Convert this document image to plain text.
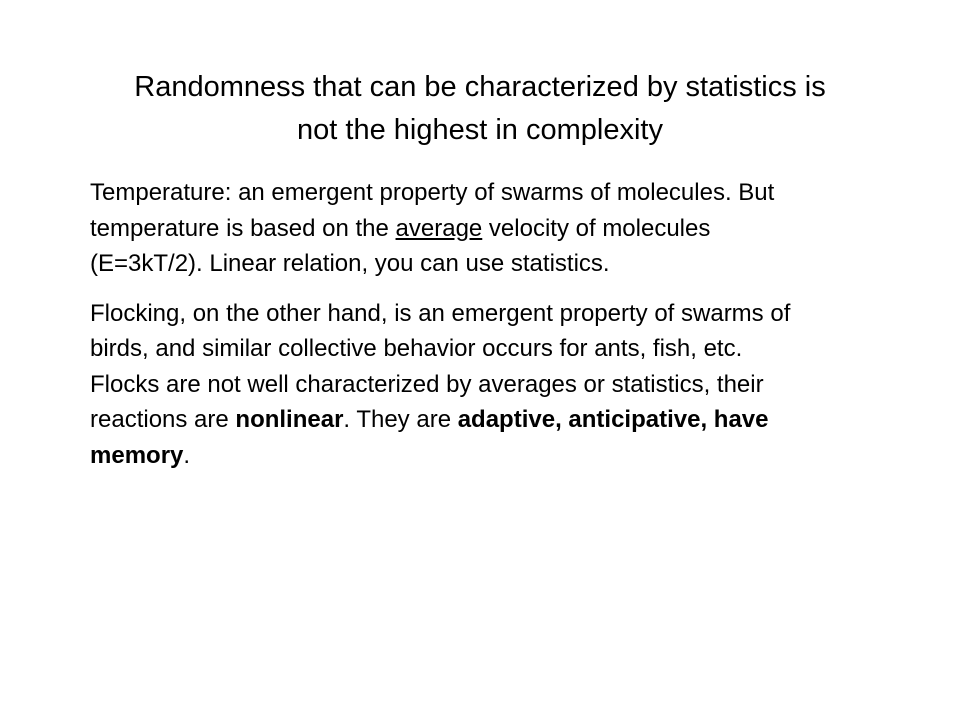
Randomness that can be characterized by statistics is
not the highest in complexity

Temperature: an emergent property of swarms of molecules. But temperature is based on the average velocity of molecules (E=3kT/2). Linear relation, you can use statistics.

Flocking, on the other hand, is an emergent property of swarms of birds, and similar collective behavior occurs for ants, fish, etc. Flocks are not well characterized by averages or statistics, their reactions are nonlinear. They are adaptive, anticipative, have memory.
